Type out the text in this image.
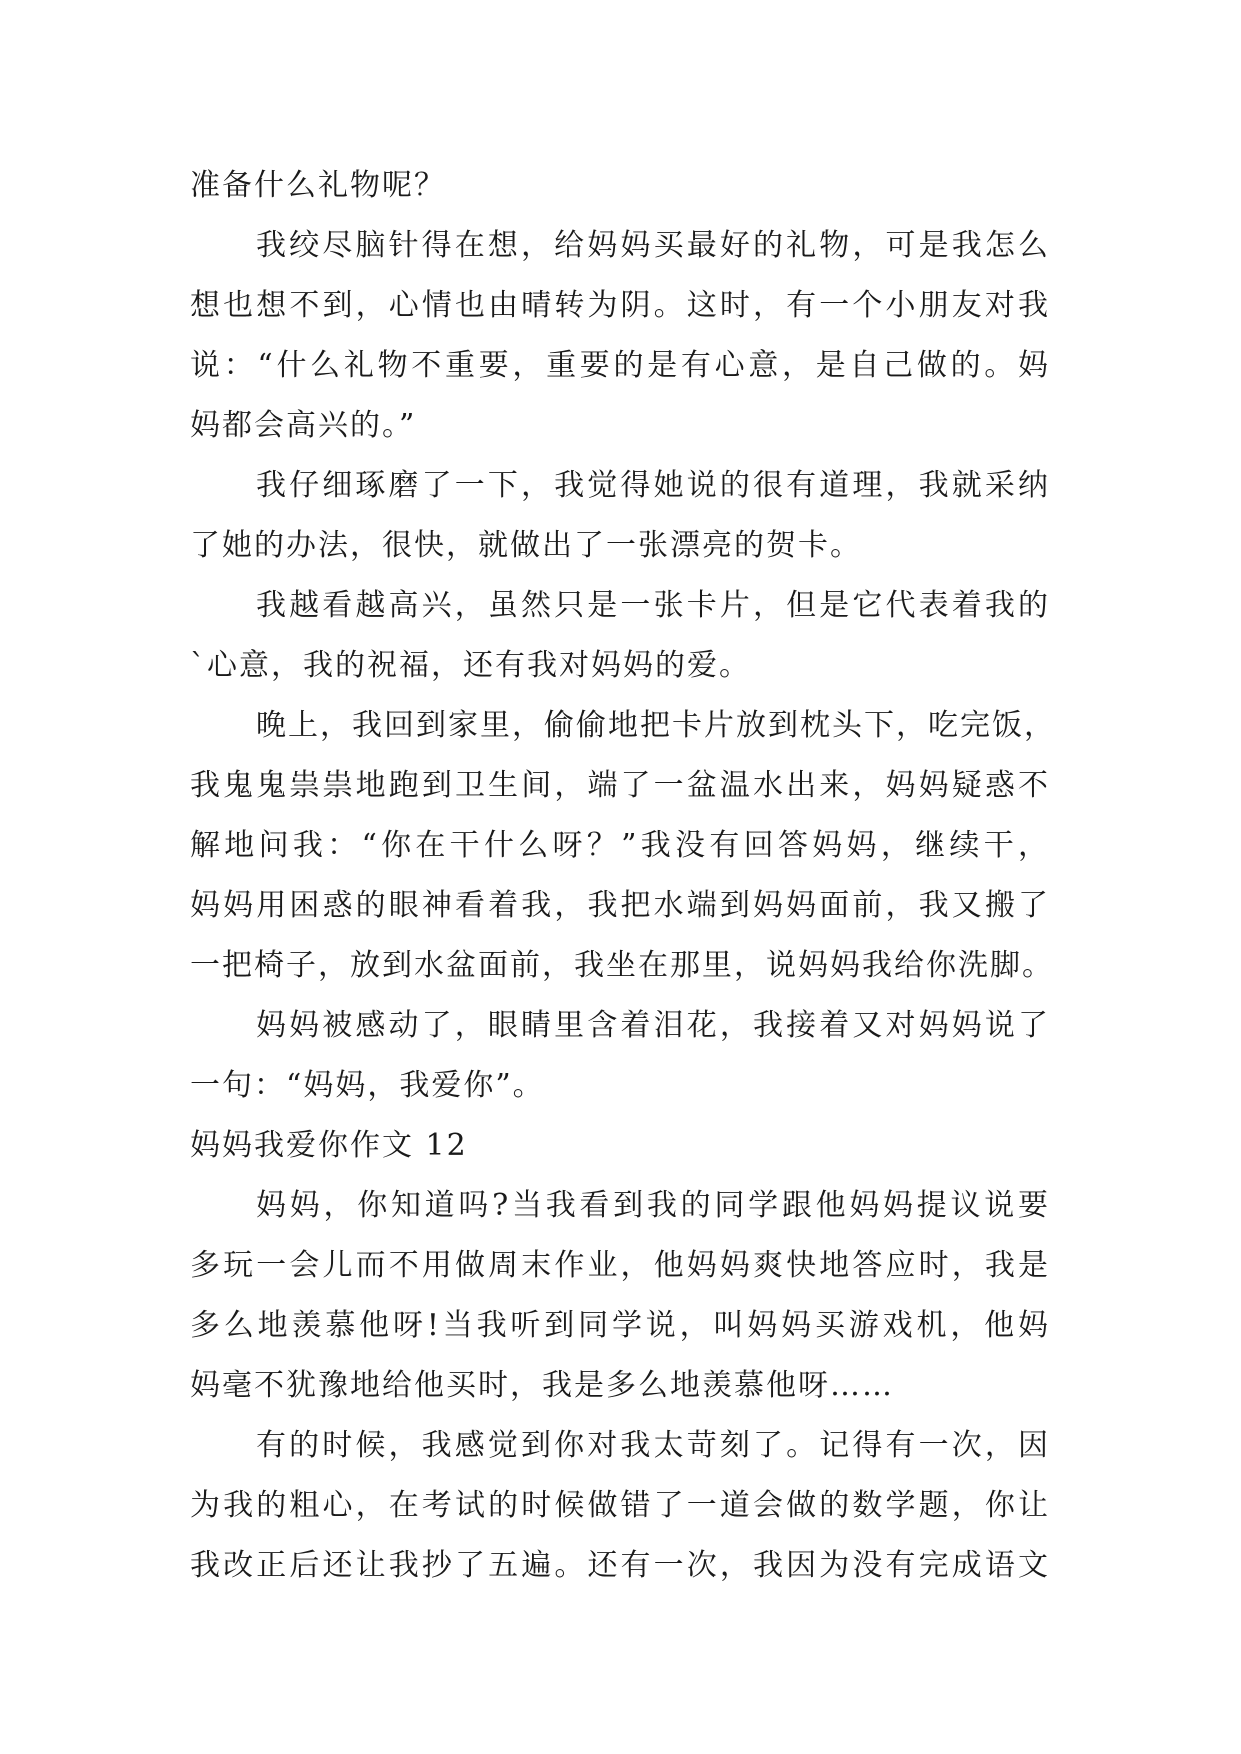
准备什么礼物呢？
我绞尽脑针得在想，给妈妈买最好的礼物，可是我怎么
想也想不到，心情也由晴转为阴。这时，有一个小朋友对我
说：“什么礼物不重要，重要的是有心意，是自己做的。妈
妈都会高兴的。”
我仔细琢磨了一下，我觉得她说的很有道理，我就采纳
了她的办法，很快，就做出了一张漂亮的贺卡。
我越看越高兴，虽然只是一张卡片，但是它代表着我的
`心意，我的祝福，还有我对妈妈的爱。
晚上，我回到家里，偷偷地把卡片放到枕头下，吃完饭，
我鬼鬼祟祟地跑到卫生间，端了一盆温水出来，妈妈疑惑不
解地问我：“你在干什么呀？”我没有回答妈妈，继续干，
妈妈用困惑的眼神看着我，我把水端到妈妈面前，我又搬了
一把椅子，放到水盆面前，我坐在那里，说妈妈我给你洗脚。
妈妈被感动了，眼睛里含着泪花，我接着又对妈妈说了
一句：“妈妈，我爱你”。
妈妈我爱你作文 12
妈妈，你知道吗?当我看到我的同学跟他妈妈提议说要
多玩一会儿而不用做周末作业，他妈妈爽快地答应时，我是
多么地羡慕他呀!当我听到同学说，叫妈妈买游戏机，他妈
妈毫不犹豫地给他买时，我是多么地羡慕他呀……
有的时候，我感觉到你对我太苛刻了。记得有一次，因
为我的粗心，在考试的时候做错了一道会做的数学题，你让
我改正后还让我抄了五遍。还有一次，我因为没有完成语文
